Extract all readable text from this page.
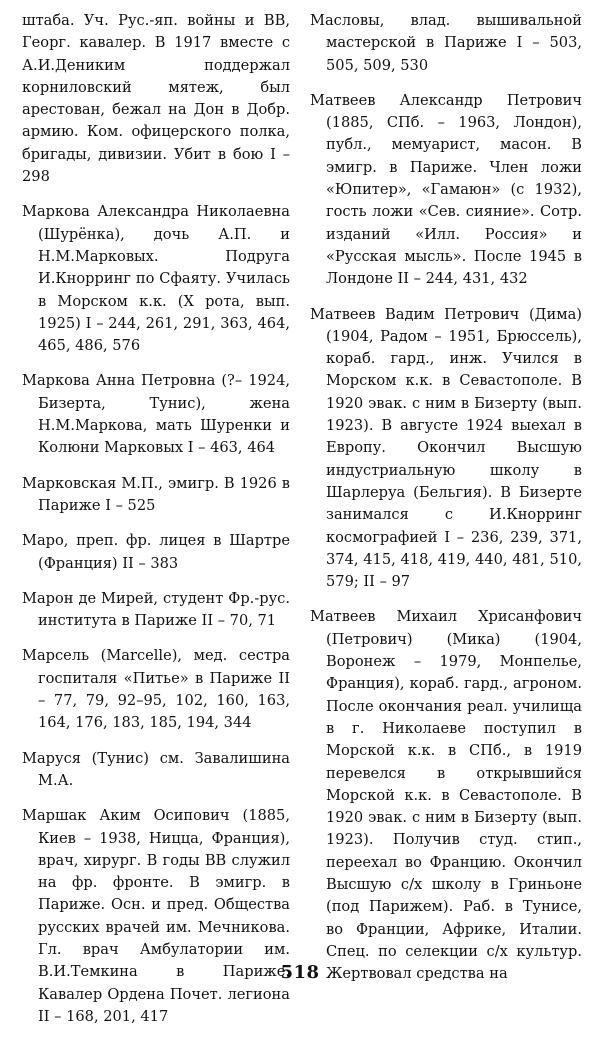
штаба. Уч. Рус.-яп. войны и ВВ, Георг. кавалер. В 1917 вместе с А.И.Дениким поддержал корниловский мятеж, был арестован, бежал на Дон в Добр. армию. Ком. офицерского полка, бригады, дивизии. Убит в бою I – 298

Маркова Александра Николаевна (Шурёнка), дочь А.П. и Н.М.Марковых. Подруга И.Кнорринг по Сфаяту. Училась в Морском к.к. (X рота, вып. 1925) I – 244, 261, 291, 363, 464, 465, 486, 576

Маркова Анна Петровна (?– 1924, Бизерта, Тунис), жена Н.М.Маркова, мать Шуренки и Колюни Марковых I – 463, 464

Марковская М.П., эмигр. В 1926 в Париже I – 525

Маро, преп. фр. лицея в Шартре (Франция) II – 383

Марон де Мирей, студент Фр.-рус. института в Париже II – 70, 71

Марсель (Marcelle), мед. сестра госпиталя «Питье» в Париже II – 77, 79, 92–95, 102, 160, 163, 164, 176, 183, 185, 194, 344

Маруся (Тунис) см. Завалишина М.А.

Маршак Аким Осипович (1885, Киев – 1938, Ницца, Франция), врач, хирург. В годы ВВ служил на фр. фронте. В эмигр. в Париже. Осн. и пред. Общества русских врачей им. Мечникова. Гл. врач Амбулатории им. В.И.Темкина в Париже. Кавалер Ордена Почет. легиона II – 168, 201, 417

Масловы, влад. вышивальной мастерской в Париже I – 503, 505, 509, 530

Матвеев Александр Петрович (1885, СПб. – 1963, Лондон), публ., мемуарист, масон. В эмигр. в Париже. Член ложи «Юпитер», «Гамаюн» (с 1932), гость ложи «Сев. сияние». Сотр. изданий «Илл. Россия» и «Русская мысль». После 1945 в Лондоне II – 244, 431, 432

Матвеев Вадим Петрович (Дима) (1904, Радом – 1951, Брюссель), кораб. гард., инж. Учился в Морском к.к. в Севастополе. В 1920 эвак. с ним в Бизерту (вып. 1923). В августе 1924 выехал в Европу. Окончил Высшую индустриальную школу в Шарлеруа (Бельгия). В Бизерте занимался с И.Кнорринг космографией I – 236, 239, 371, 374, 415, 418, 419, 440, 481, 510, 579; II – 97

Матвеев Михаил Хрисанфович (Петрович) (Мика) (1904, Воронеж – 1979, Монпелье, Франция), кораб. гард., агроном. После окончания реал. училища в г. Николаеве поступил в Морской к.к. в СПб., в 1919 перевелся в открывшийся Морской к.к. в Севастополе. В 1920 эвак. с ним в Бизерту (вып. 1923). Получив студ. стип., переехал во Францию. Окончил Высшую с/х школу в Гриньоне (под Парижем). Раб. в Тунисе, во Франции, Африке, Италии. Спец. по селекции с/х культур. Жертвовал средства на

518
